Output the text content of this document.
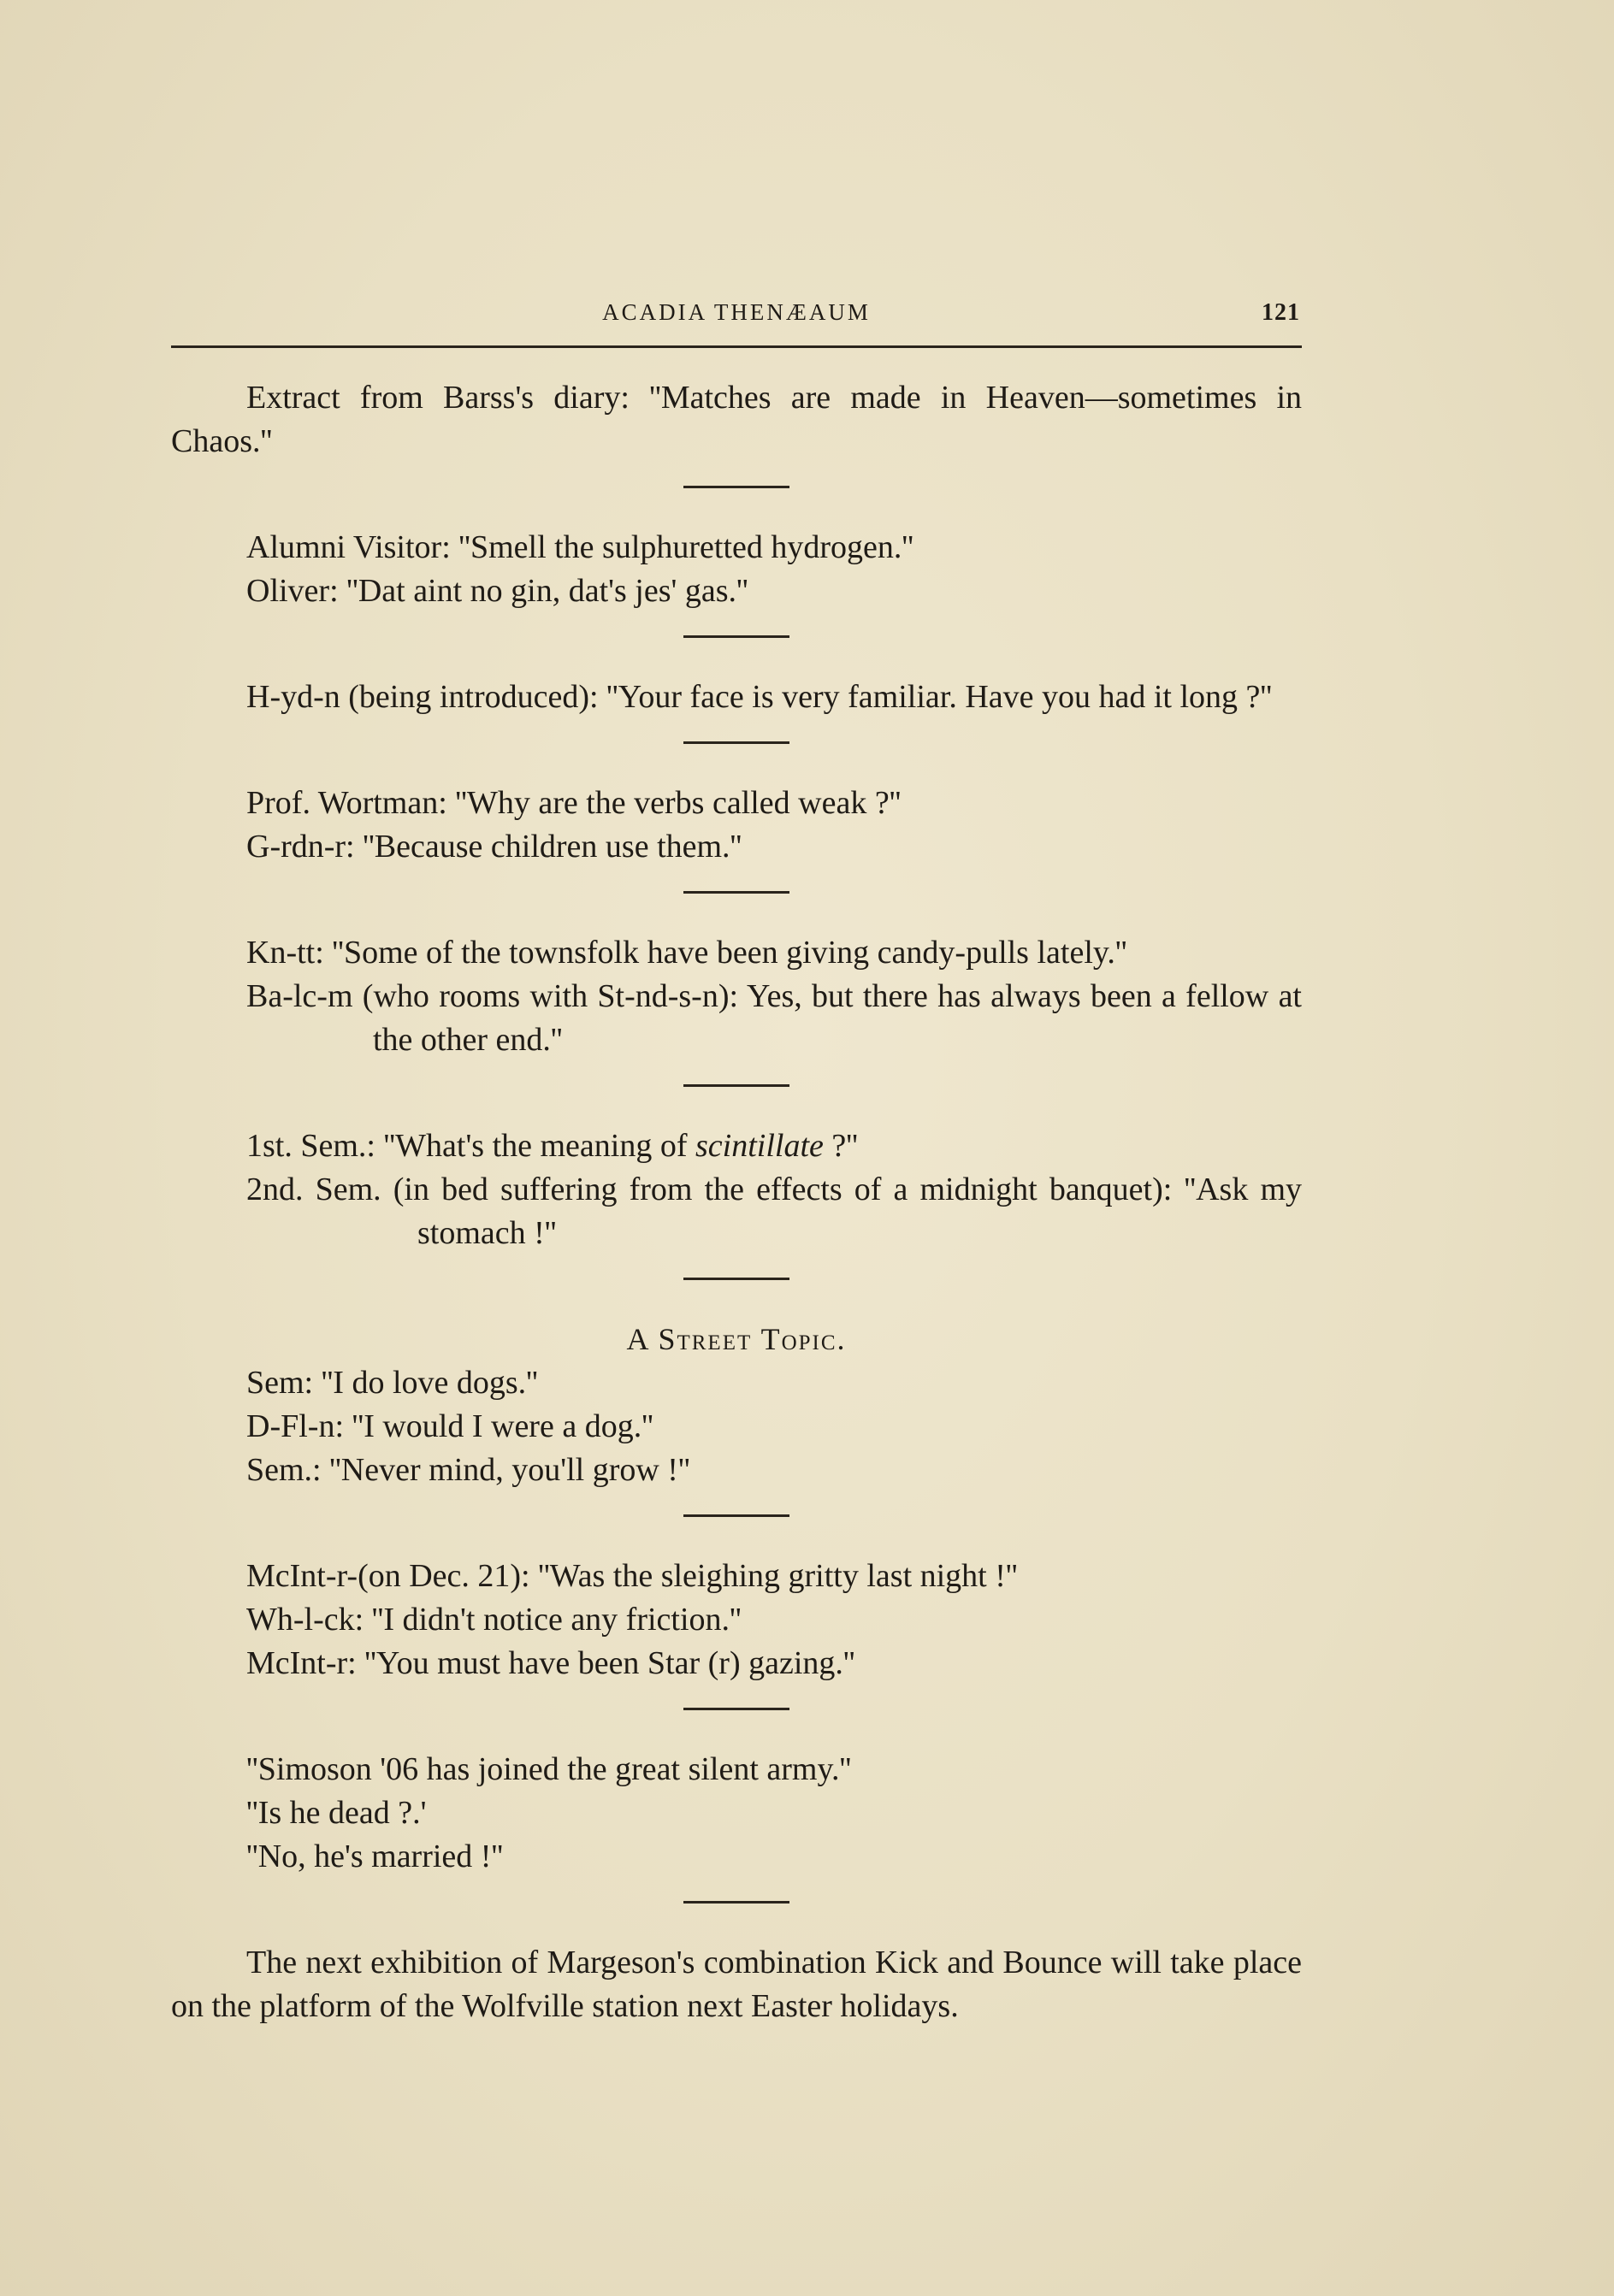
ACADIA THENÆAUM	121

Extract from Barss's diary: ''Matches are made in Heaven—sometimes in Chaos.''

Alumni Visitor: ''Smell the sulphuretted hydrogen.''

Oliver: ''Dat aint no gin, dat's jes' gas.''

H-yd-n (being introduced): ''Your face is very familiar. Have you had it long ?''

Prof. Wortman: ''Why are the verbs called weak ?''

G-rdn-r: ''Because children use them.''

Kn-tt: ''Some of the townsfolk have been giving candy-pulls lately.''

Ba-lc-m (who rooms with St-nd-s-n): Yes, but there has always been a fellow at the other end.''

1st. Sem.: ''What's the meaning of scintillate ?''

2nd. Sem. (in bed suffering from the effects of a midnight banquet): ''Ask my stomach !''

A Street Topic.

Sem: ''I do love dogs.''

D-Fl-n: ''I would I were a dog.''

Sem.: ''Never mind, you'll grow !''

McInt-r-(on Dec. 21): ''Was the sleighing gritty last night !''

Wh-l-ck: ''I didn't notice any friction.''

McInt-r: ''You must have been Star (r) gazing.''

''Simoson '06 has joined the great silent army.''

''Is he dead ?.'

''No, he's married !''

The next exhibition of Margeson's combination Kick and Bounce will take place on the platform of the Wolfville station next Easter holidays.
